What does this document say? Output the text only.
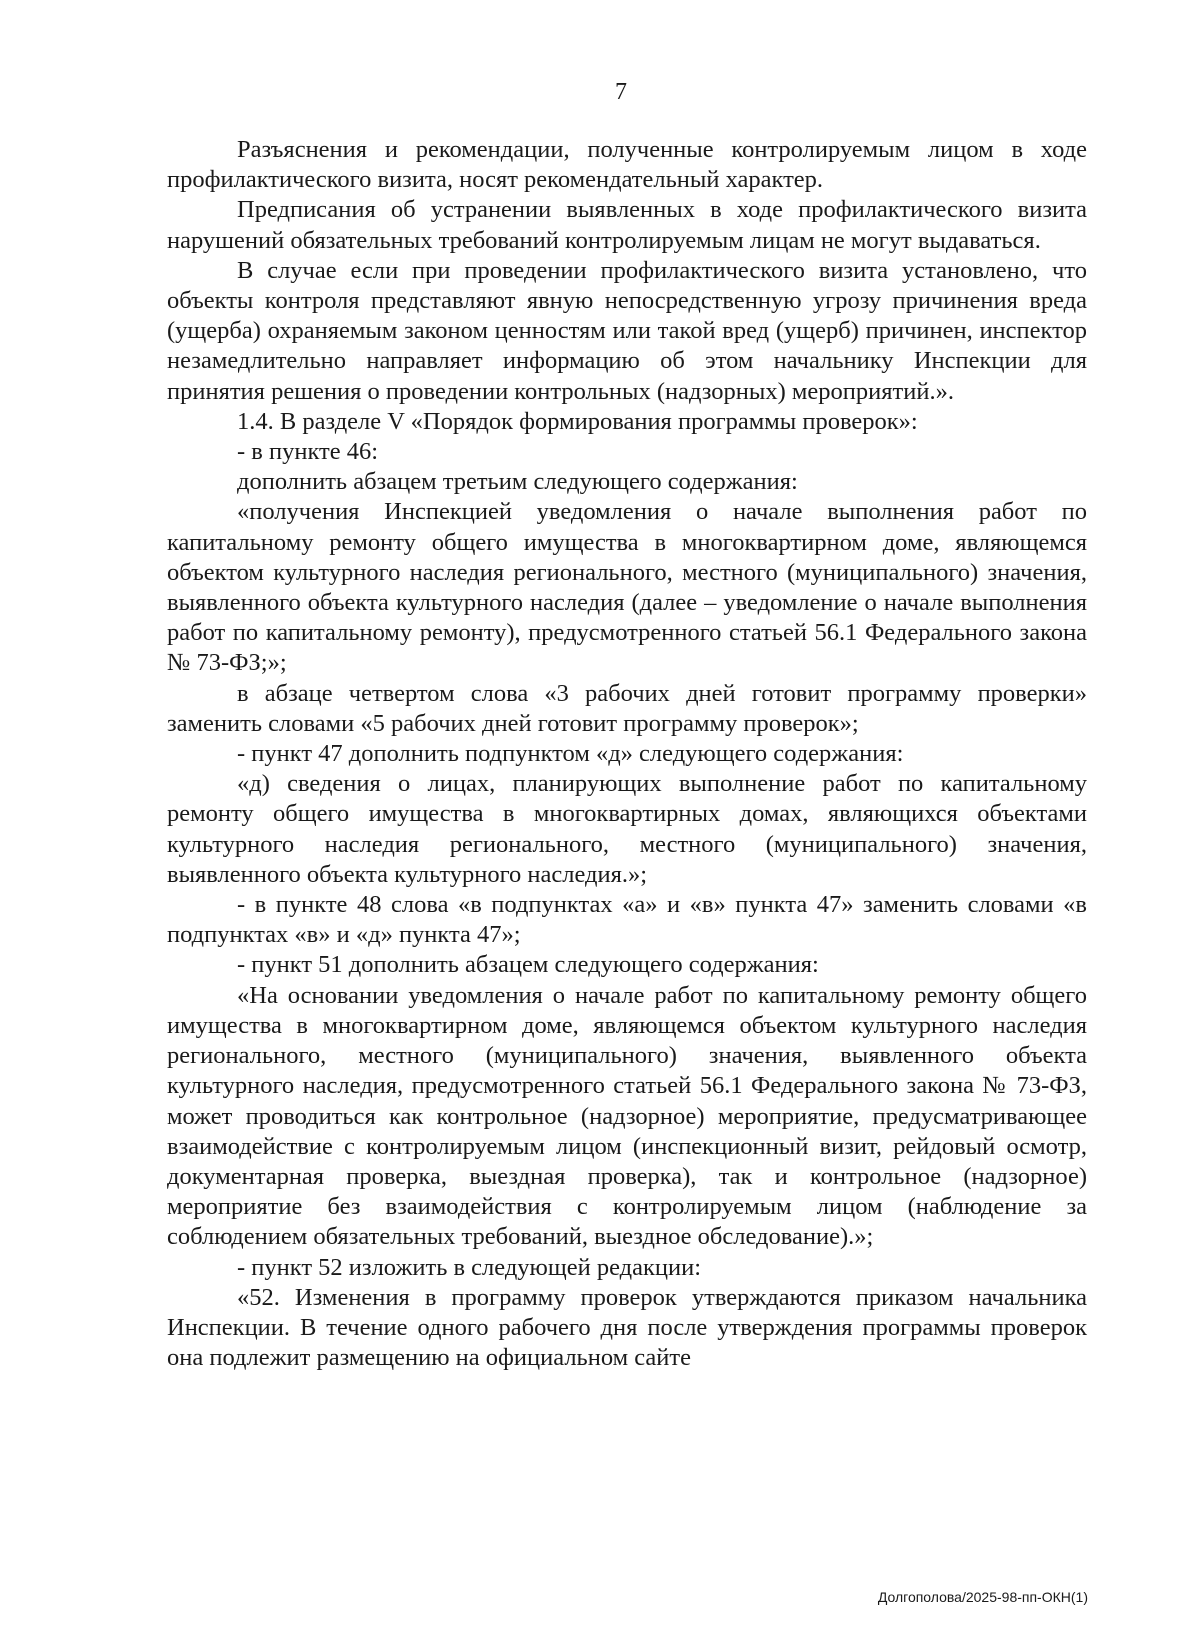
7

Разъяснения и рекомендации, полученные контролируемым лицом в ходе профилактического визита, носят рекомендательный характер.

Предписания об устранении выявленных в ходе профилактического визита нарушений обязательных требований контролируемым лицам не могут выдаваться.

В случае если при проведении профилактического визита установлено, что объекты контроля представляют явную непосредственную угрозу причинения вреда (ущерба) охраняемым законом ценностям или такой вред (ущерб) причинен, инспектор незамедлительно направляет информацию об этом начальнику Инспекции для принятия решения о проведении контрольных (надзорных) мероприятий.».

1.4. В разделе V «Порядок формирования программы проверок»:

- в пункте 46:

дополнить абзацем третьим следующего содержания:

«получения Инспекцией уведомления о начале выполнения работ по капитальному ремонту общего имущества в многоквартирном доме, являющемся объектом культурного наследия регионального, местного (муниципального) значения, выявленного объекта культурного наследия (далее – уведомление о начале выполнения работ по капитальному ремонту), предусмотренного статьей 56.1 Федерального закона № 73-ФЗ;»;

в абзаце четвертом слова «3 рабочих дней готовит программу проверки» заменить словами «5 рабочих дней готовит программу проверок»;

- пункт 47 дополнить подпунктом «д» следующего содержания:

«д) сведения о лицах, планирующих выполнение работ по капитальному ремонту общего имущества в многоквартирных домах, являющихся объектами культурного наследия регионального, местного (муниципального) значения, выявленного объекта культурного наследия.»;

- в пункте 48 слова «в подпунктах «а» и «в» пункта 47» заменить словами «в подпунктах «в» и «д» пункта 47»;

- пункт 51 дополнить абзацем следующего содержания:

«На основании уведомления о начале работ по капитальному ремонту общего имущества в многоквартирном доме, являющемся объектом культурного наследия регионального, местного (муниципального) значения, выявленного объекта культурного наследия, предусмотренного статьей 56.1 Федерального закона № 73-ФЗ, может проводиться как контрольное (надзорное) мероприятие, предусматривающее взаимодействие с контролируемым лицом (инспекционный визит, рейдовый осмотр, документарная проверка, выездная проверка), так и контрольное (надзорное) мероприятие без взаимодействия с контролируемым лицом (наблюдение за соблюдением обязательных требований, выездное обследование).»;

- пункт 52 изложить в следующей редакции:

«52. Изменения в программу проверок утверждаются приказом начальника Инспекции. В течение одного рабочего дня после утверждения программы проверок она подлежит размещению на официальном сайте

Долгополова/2025-98-пп-ОКН(1)
